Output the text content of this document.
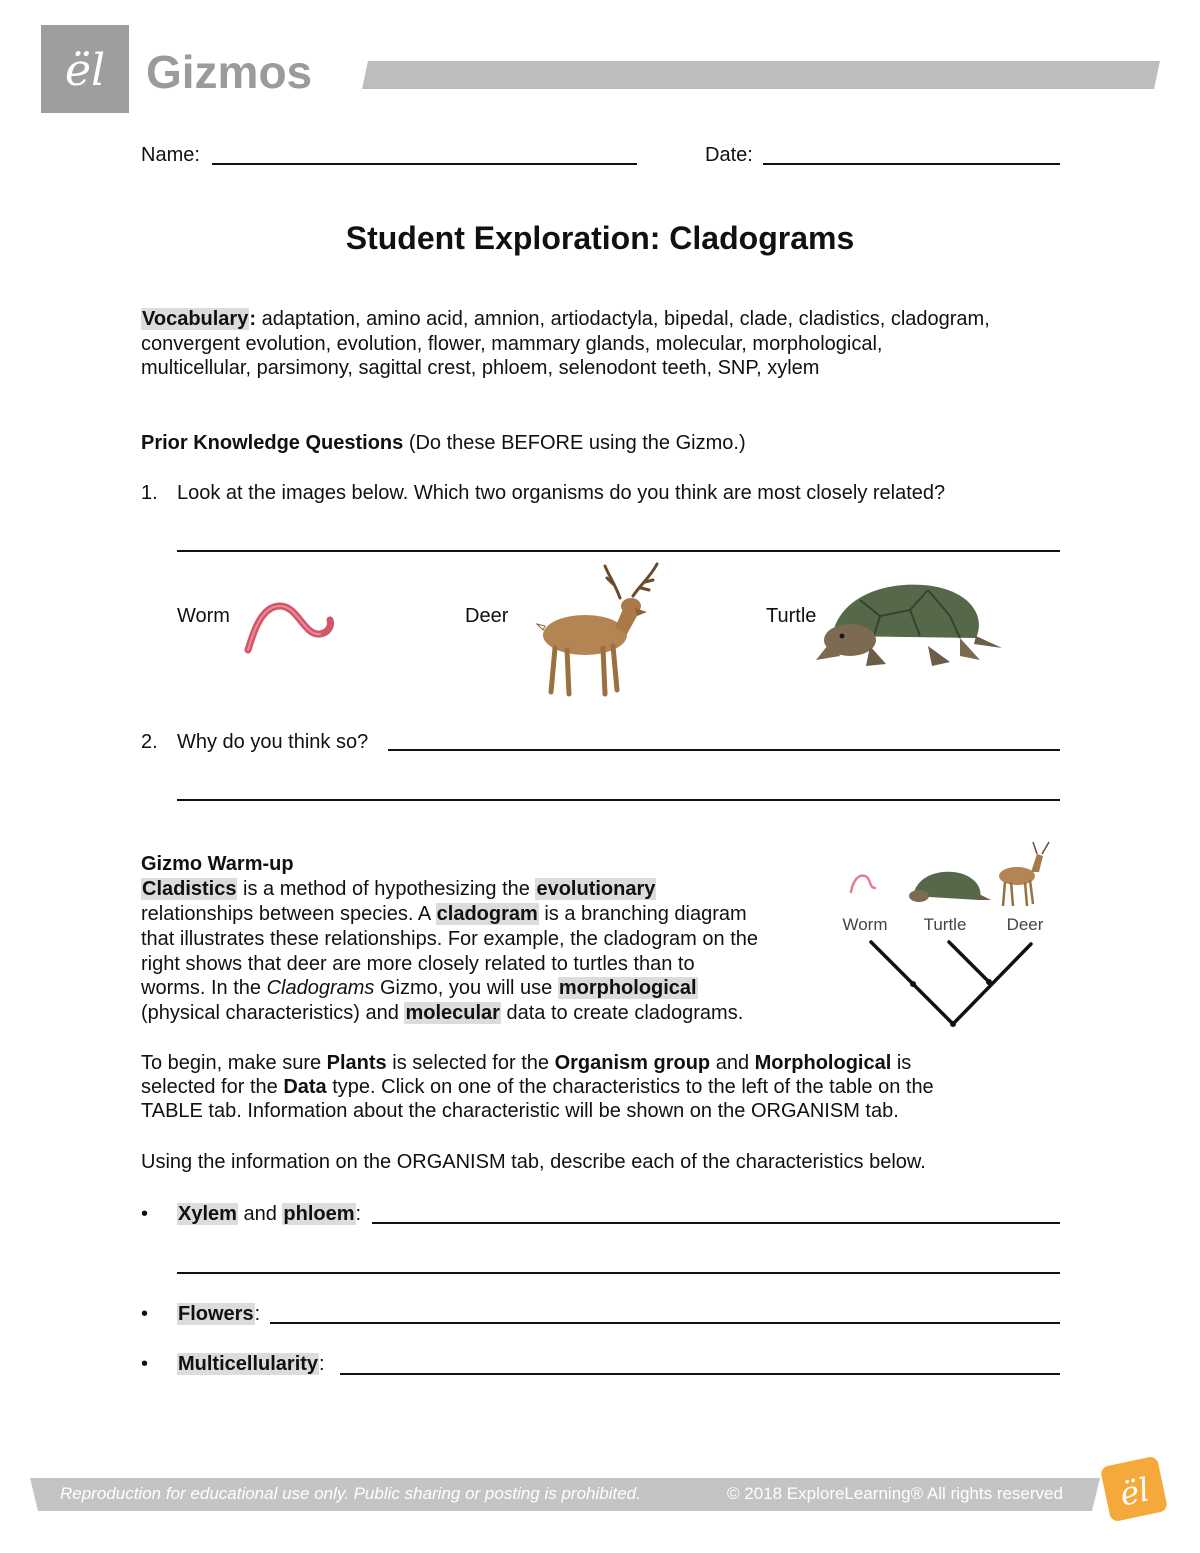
ël Gizmos
Name:	Date:
Student Exploration: Cladograms
Vocabulary: adaptation, amino acid, amnion, artiodactyla, bipedal, clade, cladistics, cladogram,
convergent evolution, evolution, flower, mammary glands, molecular, morphological,
multicellular, parsimony, sagittal crest, phloem, selenodont teeth, SNP, xylem
Prior Knowledge Questions (Do these BEFORE using the Gizmo.)
1. Look at the images below. Which two organisms do you think are most closely related?
Worm	Deer	Turtle
2. Why do you think so?
Gizmo Warm-up
Cladistics is a method of hypothesizing the evolutionary
relationships between species. A cladogram is a branching diagram
that illustrates these relationships. For example, the cladogram on the
right shows that deer are more closely related to turtles than to
worms. In the Cladograms Gizmo, you will use morphological
(physical characteristics) and molecular data to create cladograms.
Worm Turtle Deer
To begin, make sure Plants is selected for the Organism group and Morphological is
selected for the Data type. Click on one of the characteristics to the left of the table on the
TABLE tab. Information about the characteristic will be shown on the ORGANISM tab.
Using the information on the ORGANISM tab, describe each of the characteristics below.
• Xylem and phloem:
• Flowers:
• Multicellularity:
Reproduction for educational use only. Public sharing or posting is prohibited.	© 2018 ExploreLearning® All rights reserved ël
